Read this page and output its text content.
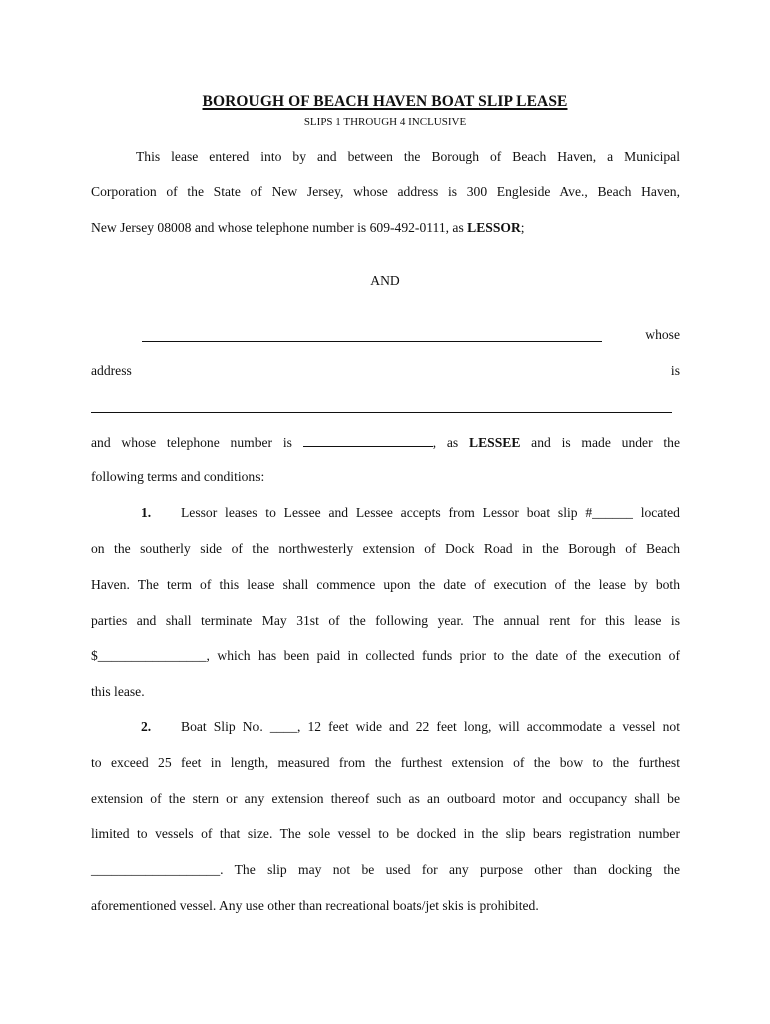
BOROUGH OF BEACH HAVEN BOAT SLIP LEASE
SLIPS 1 THROUGH 4 INCLUSIVE
This lease entered into by and between the Borough of Beach Haven, a Municipal
Corporation of the State of New Jersey, whose address is 300 Engleside Ave., Beach Haven,
New Jersey 08008 and whose telephone number is 609-492-0111, as LESSOR;
AND
whose
address	is
and whose telephone number is	, as LESSEE and is made under the
following terms and conditions:
1. Lessor leases to Lessee and Lessee accepts from Lessor boat slip #______ located
on the southerly side of the northwesterly extension of Dock Road in the Borough of Beach
Haven. The term of this lease shall commence upon the date of execution of the lease by both
parties and shall terminate May 31st of the following year. The annual rent for this lease is
$________________, which has been paid in collected funds prior to the date of the execution of
this lease.
2. Boat Slip No. ____, 12 feet wide and 22 feet long, will accommodate a vessel not
to exceed 25 feet in length, measured from the furthest extension of the bow to the furthest
extension of the stern or any extension thereof such as an outboard motor and occupancy shall be
limited to vessels of that size. The sole vessel to be docked in the slip bears registration number
___________________. The slip may not be used for any purpose other than docking the
aforementioned vessel. Any use other than recreational boats/jet skis is prohibited.
